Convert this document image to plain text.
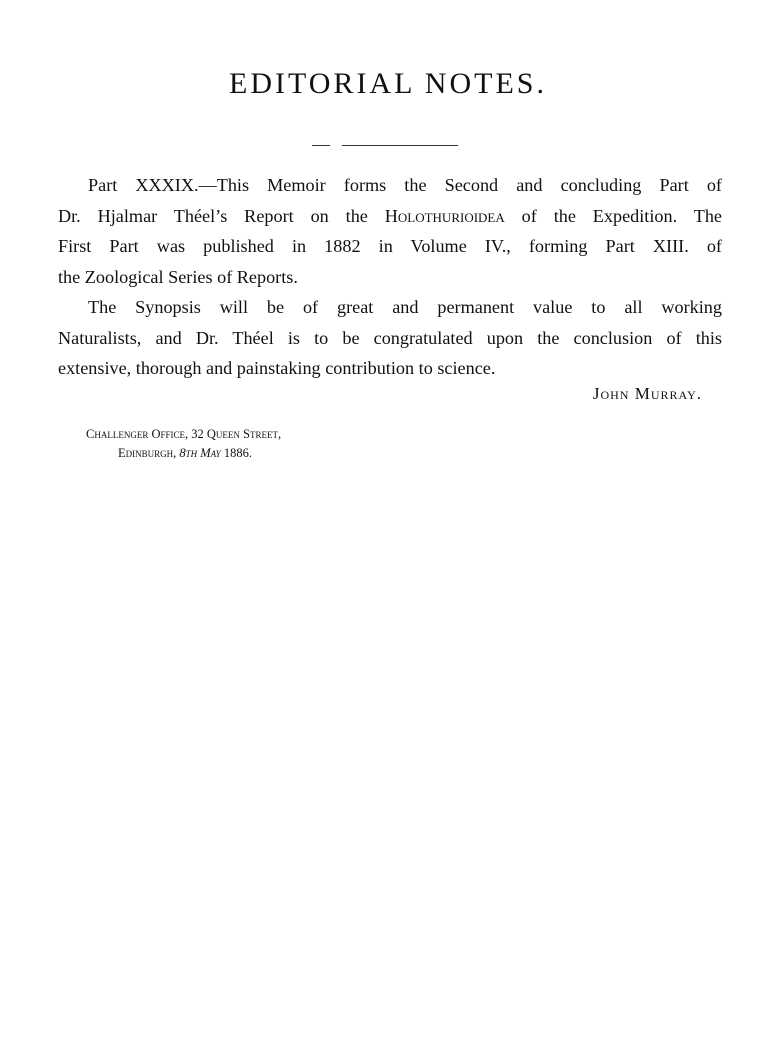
EDITORIAL NOTES.
Part XXXIX.—This Memoir forms the Second and concluding Part of
Dr. Hjalmar Théel’s Report on the Holothurioidea of the Expedition. The
First Part was published in 1882 in Volume IV., forming Part XIII. of
the Zoological Series of Reports.
The Synopsis will be of great and permanent value to all working
Naturalists, and Dr. Théel is to be congratulated upon the conclusion of this
extensive, thorough and painstaking contribution to science.
John Murray.
Challenger Office, 32 Queen Street,
Edinburgh, 8th May 1886.
